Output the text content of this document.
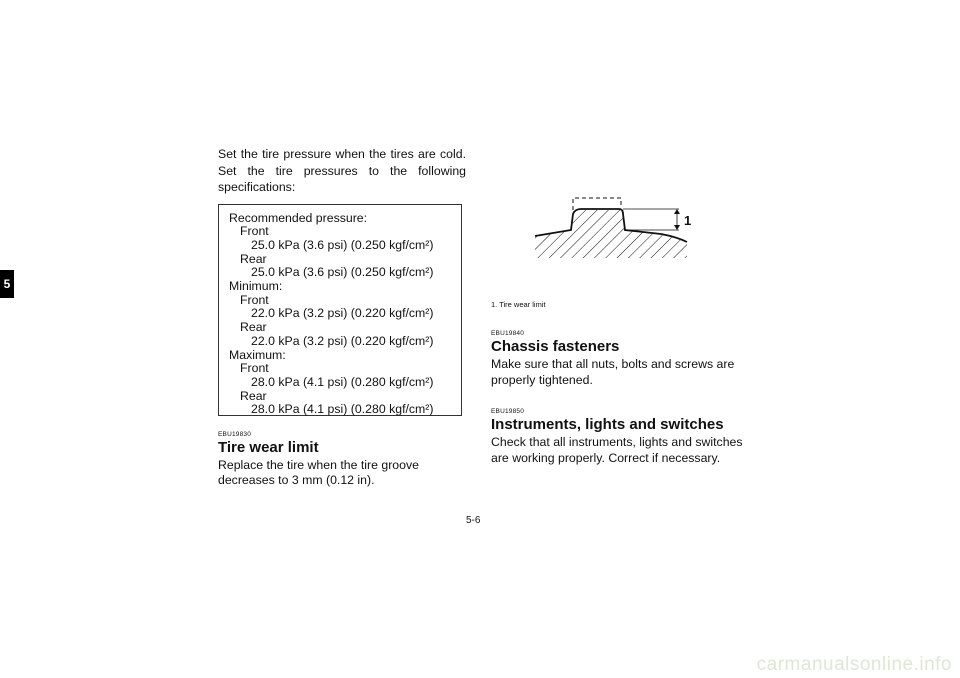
5

Set the tire pressure when the tires are cold. Set the tire pressures to the following specifications:

Recommended pressure:
Front
25.0 kPa (3.6 psi) (0.250 kgf/cm²)
Rear
25.0 kPa (3.6 psi) (0.250 kgf/cm²)
Minimum:
Front
22.0 kPa (3.2 psi) (0.220 kgf/cm²)
Rear
22.0 kPa (3.2 psi) (0.220 kgf/cm²)
Maximum:
Front
28.0 kPa (4.1 psi) (0.280 kgf/cm²)
Rear
28.0 kPa (4.1 psi) (0.280 kgf/cm²)

EBU19830

Tire wear limit

Replace the tire when the tire groove decreases to 3 mm (0.12 in).

1

1. Tire wear limit

EBU19840

Chassis fasteners

Make sure that all nuts, bolts and screws are properly tightened.

EBU19850

Instruments, lights and switches

Check that all instruments, lights and switches are working properly. Correct if necessary.

5-6
carmanualsonline.info
